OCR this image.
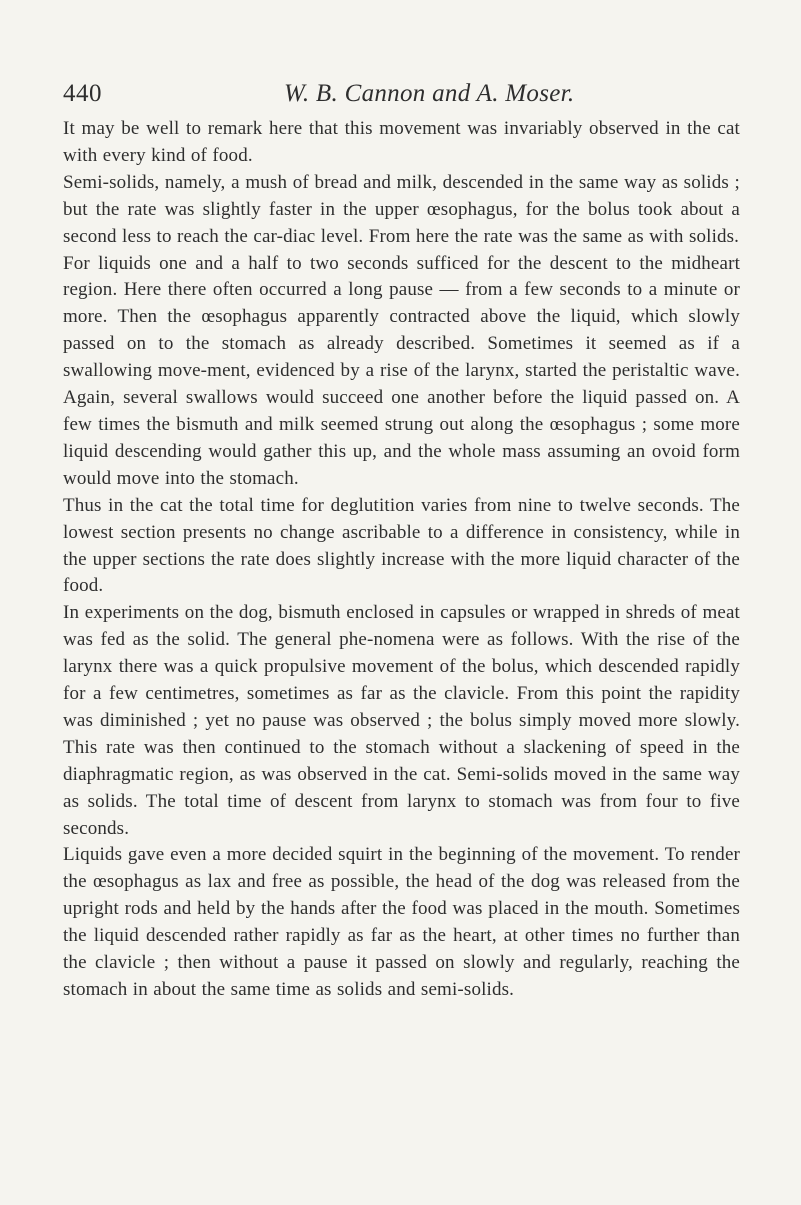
440	W. B. Cannon and A. Moser.

It may be well to remark here that this movement was invariably observed in the cat with every kind of food.

Semi-solids, namely, a mush of bread and milk, descended in the same way as solids ; but the rate was slightly faster in the upper œsophagus, for the bolus took about a second less to reach the car-diac level. From here the rate was the same as with solids.

For liquids one and a half to two seconds sufficed for the descent to the midheart region. Here there often occurred a long pause — from a few seconds to a minute or more. Then the œsophagus apparently contracted above the liquid, which slowly passed on to the stomach as already described. Sometimes it seemed as if a swallowing move-ment, evidenced by a rise of the larynx, started the peristaltic wave. Again, several swallows would succeed one another before the liquid passed on. A few times the bismuth and milk seemed strung out along the œsophagus ; some more liquid descending would gather this up, and the whole mass assuming an ovoid form would move into the stomach.

Thus in the cat the total time for deglutition varies from nine to twelve seconds. The lowest section presents no change ascribable to a difference in consistency, while in the upper sections the rate does slightly increase with the more liquid character of the food.

In experiments on the dog, bismuth enclosed in capsules or wrapped in shreds of meat was fed as the solid. The general phe-nomena were as follows. With the rise of the larynx there was a quick propulsive movement of the bolus, which descended rapidly for a few centimetres, sometimes as far as the clavicle. From this point the rapidity was diminished ; yet no pause was observed ; the bolus simply moved more slowly. This rate was then continued to the stomach without a slackening of speed in the diaphragmatic region, as was observed in the cat. Semi-solids moved in the same way as solids. The total time of descent from larynx to stomach was from four to five seconds.

Liquids gave even a more decided squirt in the beginning of the movement. To render the œsophagus as lax and free as possible, the head of the dog was released from the upright rods and held by the hands after the food was placed in the mouth. Sometimes the liquid descended rather rapidly as far as the heart, at other times no further than the clavicle ; then without a pause it passed on slowly and regularly, reaching the stomach in about the same time as solids and semi-solids.
